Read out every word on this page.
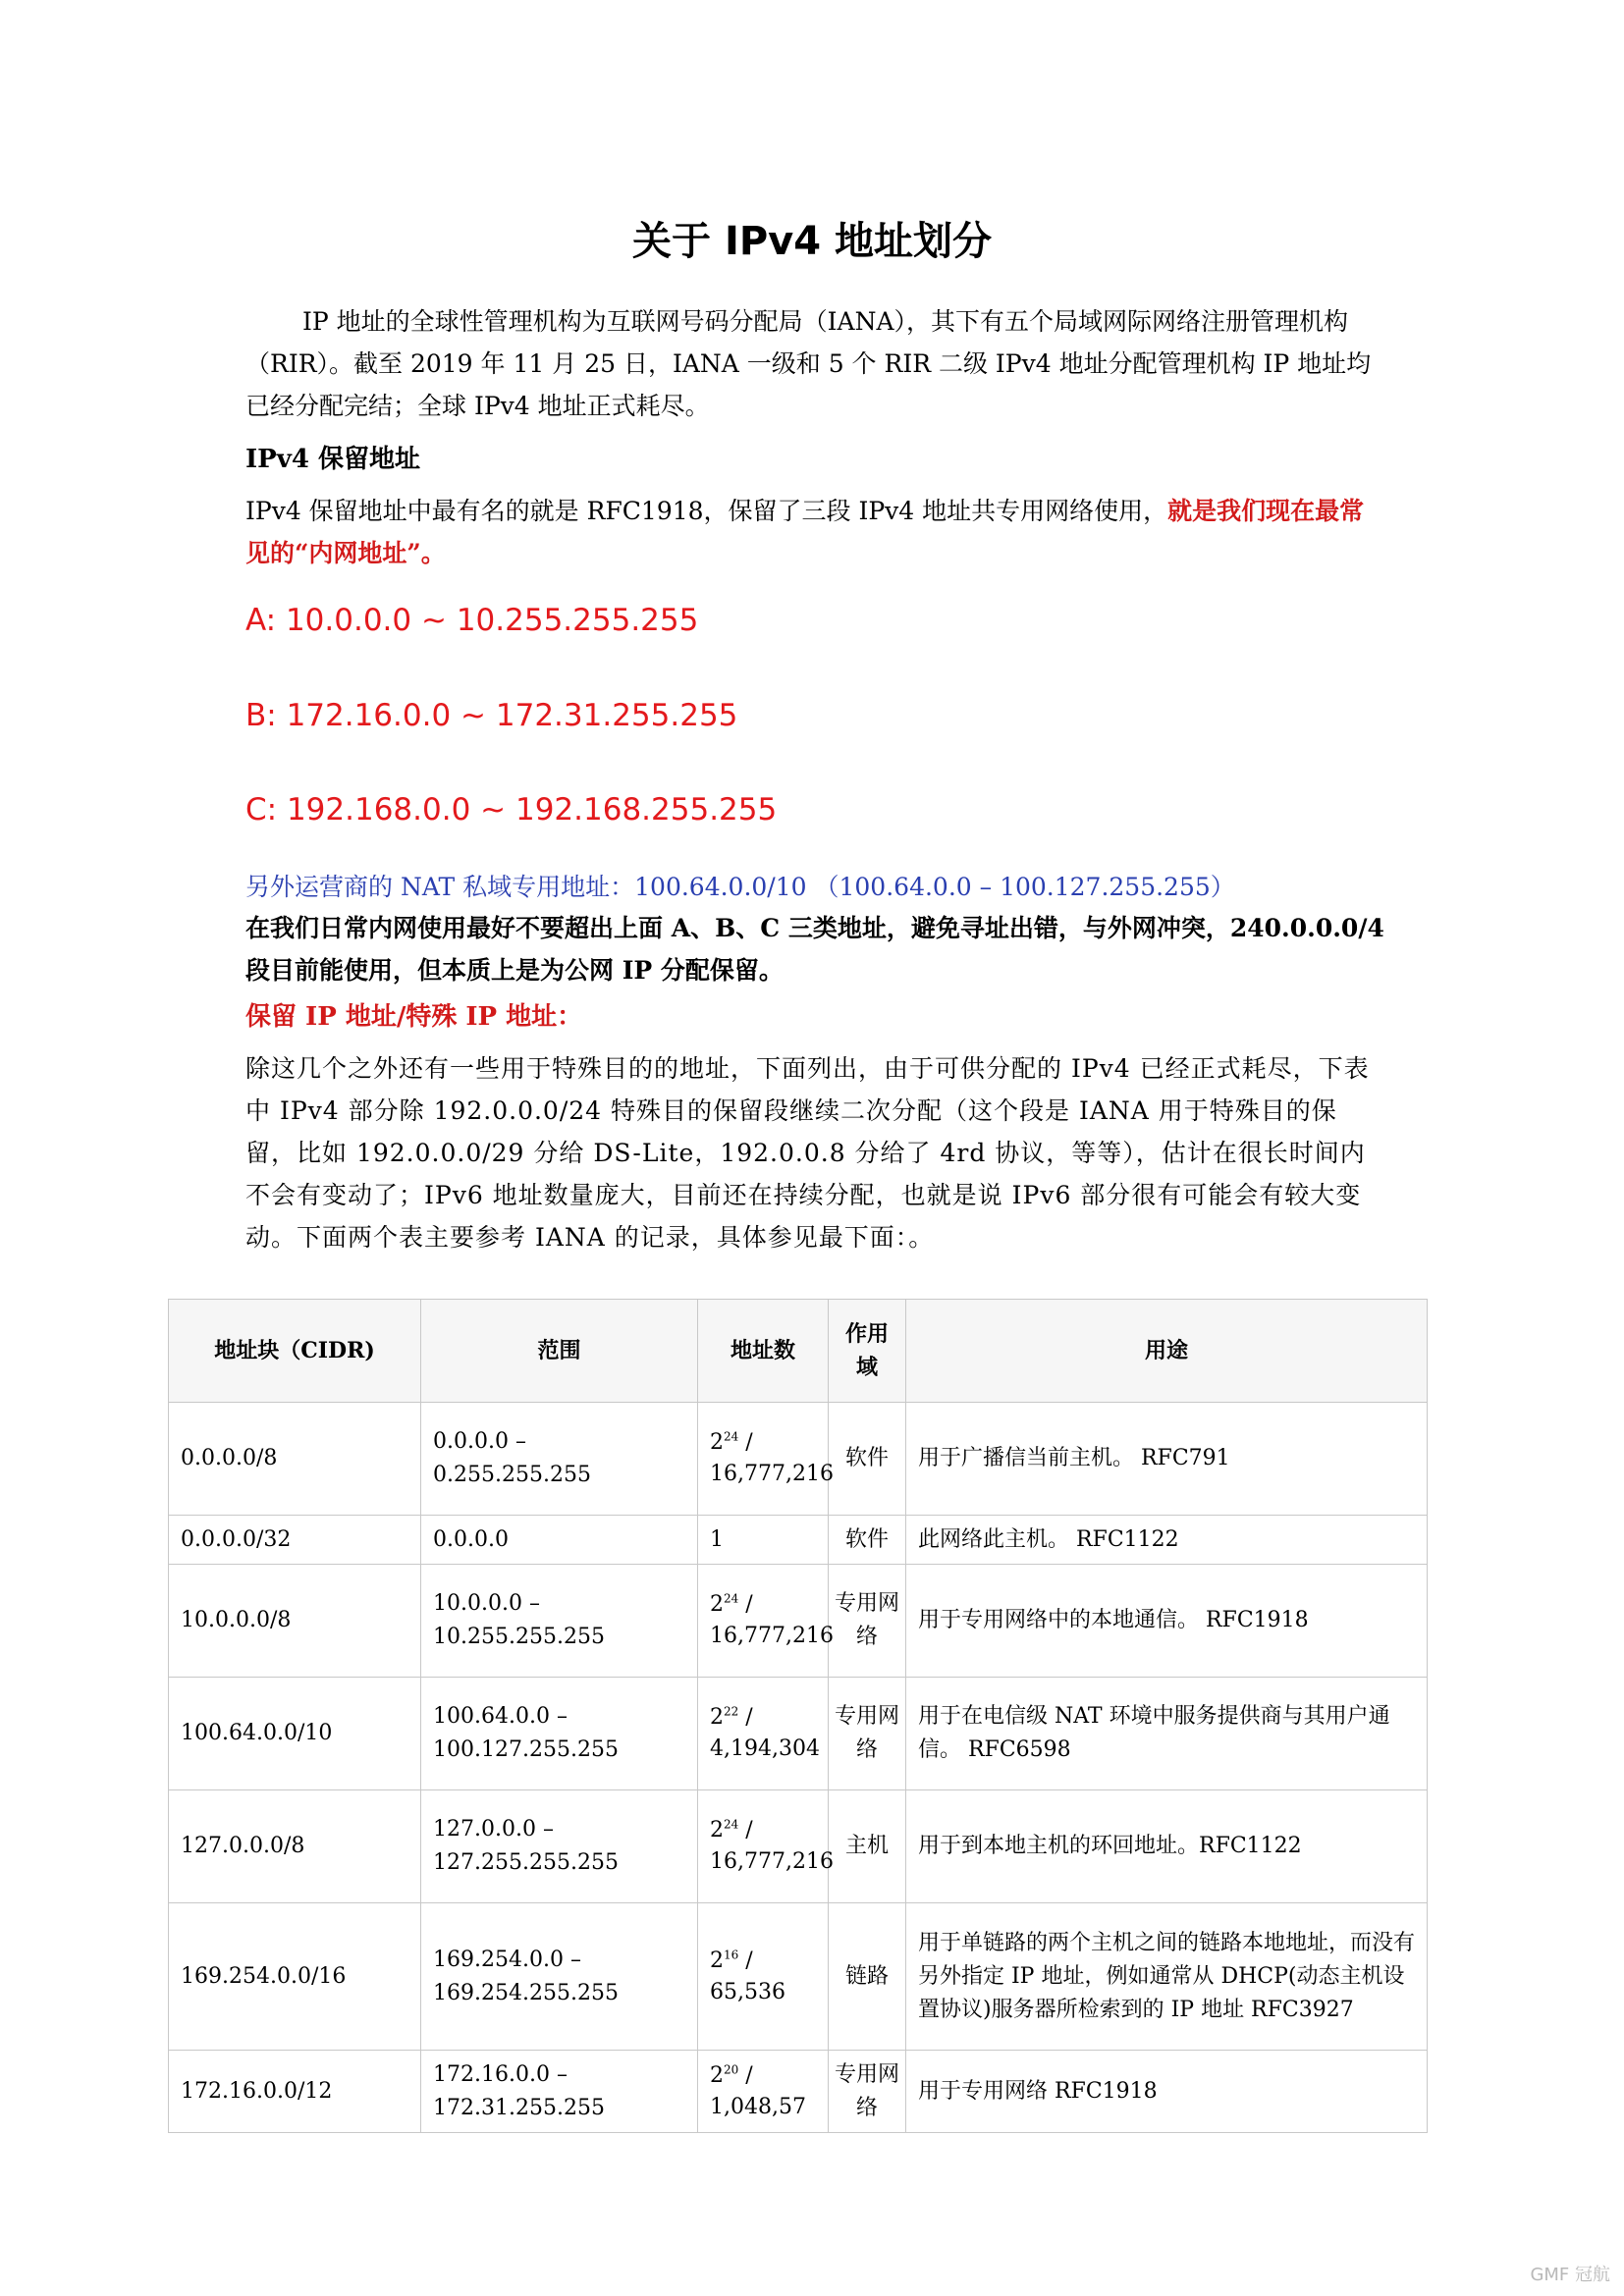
关于 IPv4 地址划分
IP 地址的全球性管理机构为互联网号码分配局（IANA），其下有五个局域网际网络注册管理机构（RIR）。截至 2019 年 11 月 25 日，IANA 一级和 5 个 RIR 二级 IPv4 地址分配管理机构 IP 地址均已经分配完结；全球 IPv4 地址正式耗尽。
IPv4 保留地址
IPv4 保留地址中最有名的就是 RFC1918，保留了三段 IPv4 地址共专用网络使用，就是我们现在最常见的“内网地址”。
A: 10.0.0.0 ~ 10.255.255.255
B: 172.16.0.0 ~ 172.31.255.255
C: 192.168.0.0 ~ 192.168.255.255
另外运营商的 NAT 私域专用地址：100.64.0.0/10 （100.64.0.0 – 100.127.255.255）
在我们日常内网使用最好不要超出上面 A、B、C 三类地址，避免寻址出错，与外网冲突，240.0.0.0/4 段目前能使用，但本质上是为公网 IP 分配保留。
保留 IP 地址/特殊 IP 地址：
除这几个之外还有一些用于特殊目的的地址，下面列出，由于可供分配的 IPv4 已经正式耗尽，下表中 IPv4 部分除 192.0.0.0/24 特殊目的保留段继续二次分配（这个段是 IANA 用于特殊目的保留，比如 192.0.0.0/29 分给 DS-Lite，192.0.0.8 分给了 4rd 协议，等等），估计在很长时间内不会有变动了；IPv6 地址数量庞大，目前还在持续分配，也就是说 IPv6 部分很有可能会有较大变动。下面两个表主要参考 IANA 的记录，具体参见最下面：。
地址块（CIDR)	范围	地址数	作用域	用途
0.0.0.0/8	0.0.0.0 – 0.255.255.255	$2^{24} / 16,777,216$	软件	用于广播信当前主机。 RFC791
0.0.0.0/32	0.0.0.0	1	软件	此网络此主机。 RFC1122
10.0.0.0/8	10.0.0.0 – 10.255.255.255	$2^{24} / 16,777,216$	专用网络	用于专用网络中的本地通信。 RFC1918
100.64.0.0/10	100.64.0.0 – 100.127.255.255	$2^{22} / 4,194,304$	专用网络	用于在电信级 NAT 环境中服务提供商与其用户通信。 RFC6598
127.0.0.0/8	127.0.0.0 – 127.255.255.255	$2^{24} / 16,777,216$	主机	用于到本地主机的环回地址。RFC1122
169.254.0.0/16	169.254.0.0 – 169.254.255.255	$2^{16} / 65,536$	链路	用于单链路的两个主机之间的链路本地地址，而没有另外指定 IP 地址，例如通常从 DHCP(动态主机设置协议)服务器所检索到的 IP 地址 RFC3927
172.16.0.0/12	172.16.0.0 – 172.31.255.255	$2^{20} / 1,048,57$	专用网络	用于专用网络 RFC1918
GMF 冠航
